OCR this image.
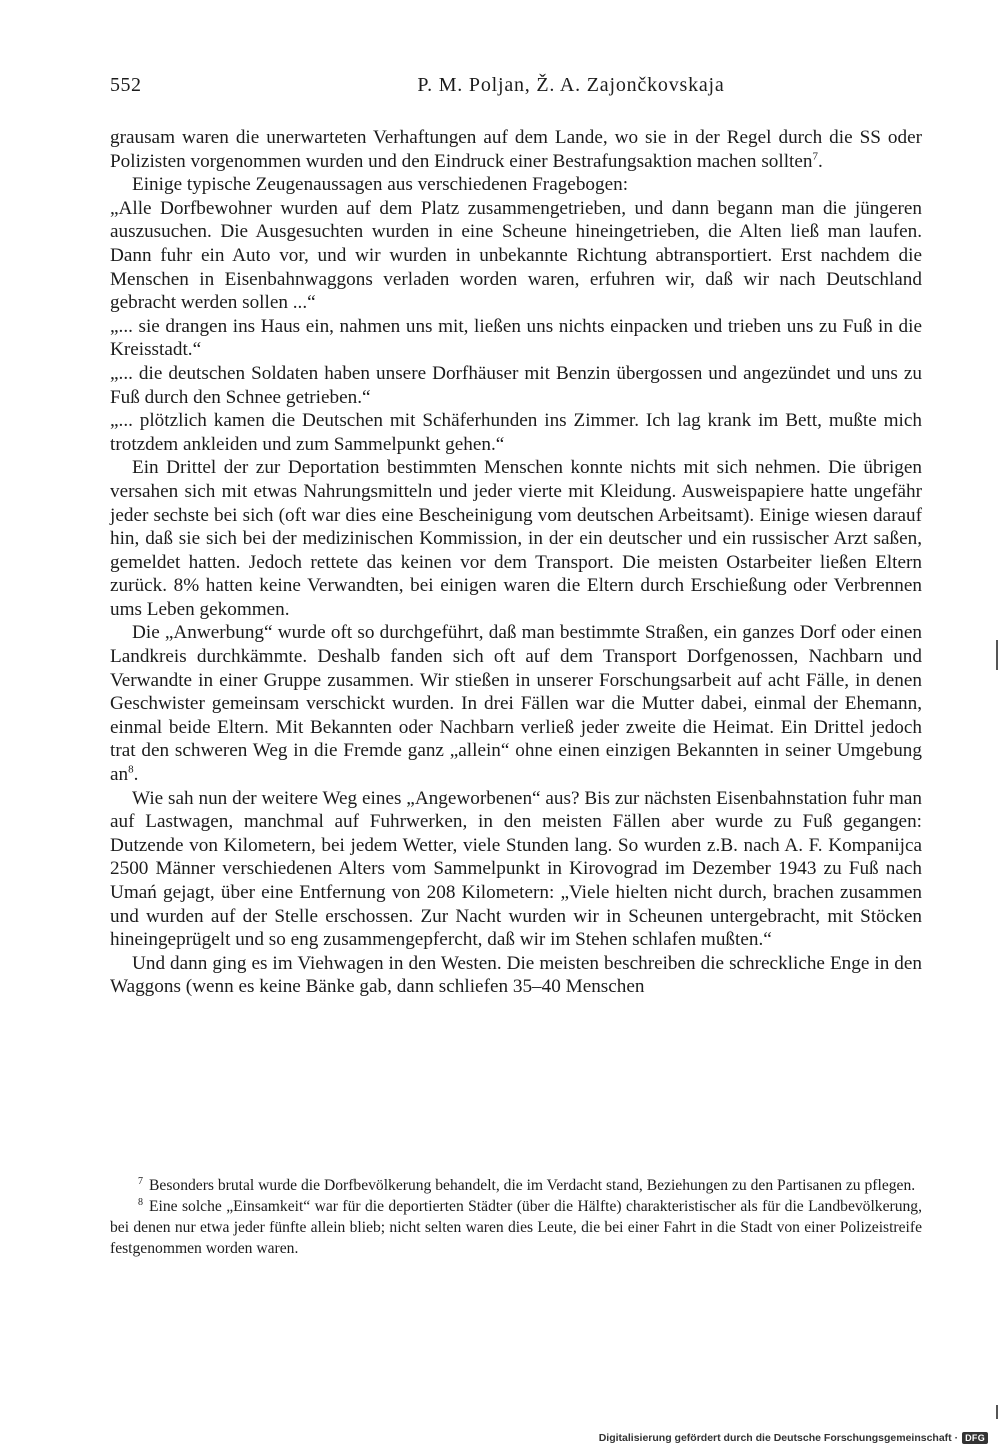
552	P. M. Poljan, Ž. A. Zajončkovskaja

grausam waren die unerwarteten Verhaftungen auf dem Lande, wo sie in der Regel durch die SS oder Polizisten vorgenommen wurden und den Eindruck einer Bestrafungsaktion machen sollten$^7$.

Einige typische Zeugenaussagen aus verschiedenen Fragebogen:

„Alle Dorfbewohner wurden auf dem Platz zusammengetrieben, und dann begann man die jüngeren auszusuchen. Die Ausgesuchten wurden in eine Scheune hineingetrieben, die Alten ließ man laufen. Dann fuhr ein Auto vor, und wir wurden in unbekannte Richtung abtransportiert. Erst nachdem die Menschen in Eisenbahnwaggons verladen worden waren, erfuhren wir, daß wir nach Deutschland gebracht werden sollen ...“

„... sie drangen ins Haus ein, nahmen uns mit, ließen uns nichts einpacken und trieben uns zu Fuß in die Kreisstadt.“

„... die deutschen Soldaten haben unsere Dorfhäuser mit Benzin übergossen und angezündet und uns zu Fuß durch den Schnee getrieben.“

„... plötzlich kamen die Deutschen mit Schäferhunden ins Zimmer. Ich lag krank im Bett, mußte mich trotzdem ankleiden und zum Sammelpunkt gehen.“

Ein Drittel der zur Deportation bestimmten Menschen konnte nichts mit sich nehmen. Die übrigen versahen sich mit etwas Nahrungsmitteln und jeder vierte mit Kleidung. Ausweispapiere hatte ungefähr jeder sechste bei sich (oft war dies eine Bescheinigung vom deutschen Arbeitsamt). Einige wiesen darauf hin, daß sie sich bei der medizinischen Kommission, in der ein deutscher und ein russischer Arzt saßen, gemeldet hatten. Jedoch rettete das keinen vor dem Transport. Die meisten Ostarbeiter ließen Eltern zurück. 8% hatten keine Verwandten, bei einigen waren die Eltern durch Erschießung oder Verbrennen ums Leben gekommen.

Die „Anwerbung“ wurde oft so durchgeführt, daß man bestimmte Straßen, ein ganzes Dorf oder einen Landkreis durchkämmte. Deshalb fanden sich oft auf dem Transport Dorfgenossen, Nachbarn und Verwandte in einer Gruppe zusammen. Wir stießen in unserer Forschungsarbeit auf acht Fälle, in denen Geschwister gemeinsam verschickt wurden. In drei Fällen war die Mutter dabei, einmal der Ehemann, einmal beide Eltern. Mit Bekannten oder Nachbarn verließ jeder zweite die Heimat. Ein Drittel jedoch trat den schweren Weg in die Fremde ganz „allein“ ohne einen einzigen Bekannten in seiner Umgebung $an^8$.

Wie sah nun der weitere Weg eines „Angeworbenen“ aus? Bis zur nächsten Eisenbahnstation fuhr man auf Lastwagen, manchmal auf Fuhrwerken, in den meisten Fällen aber wurde zu Fuß gegangen: Dutzende von Kilometern, bei jedem Wetter, viele Stunden lang. So wurden z.B. nach A. F. Kompanijca 2500 Männer verschiedenen Alters vom Sammelpunkt in Kirovograd im Dezember 1943 zu Fuß nach Umań gejagt, über eine Entfernung von 208 Kilometern: „Viele hielten nicht durch, brachen zusammen und wurden auf der Stelle erschossen. Zur Nacht wurden wir in Scheunen untergebracht, mit Stöcken hineingeprügelt und so eng zusammengepfercht, daß wir im Stehen schlafen mußten.“

Und dann ging es im Viehwagen in den Westen. Die meisten beschreiben die schreckliche Enge in den Waggons (wenn es keine Bänke gab, dann schliefen 35–40 Menschen

$^7$ Besonders brutal wurde die Dorfbevölkerung behandelt, die im Verdacht stand, Beziehungen zu den Partisanen zu pflegen.

$^8$ Eine solche „Einsamkeit“ war für die deportierten Städter (über die Hälfte) charakteristischer als für die Landbevölkerung, bei denen nur etwa jeder fünfte allein blieb; nicht selten waren dies Leute, die bei einer Fahrt in die Stadt von einer Polizeistreife festgenommen worden waren.

Digitalisierung gefördert durch die Deutsche Forschungsgemeinschaft · DFG
